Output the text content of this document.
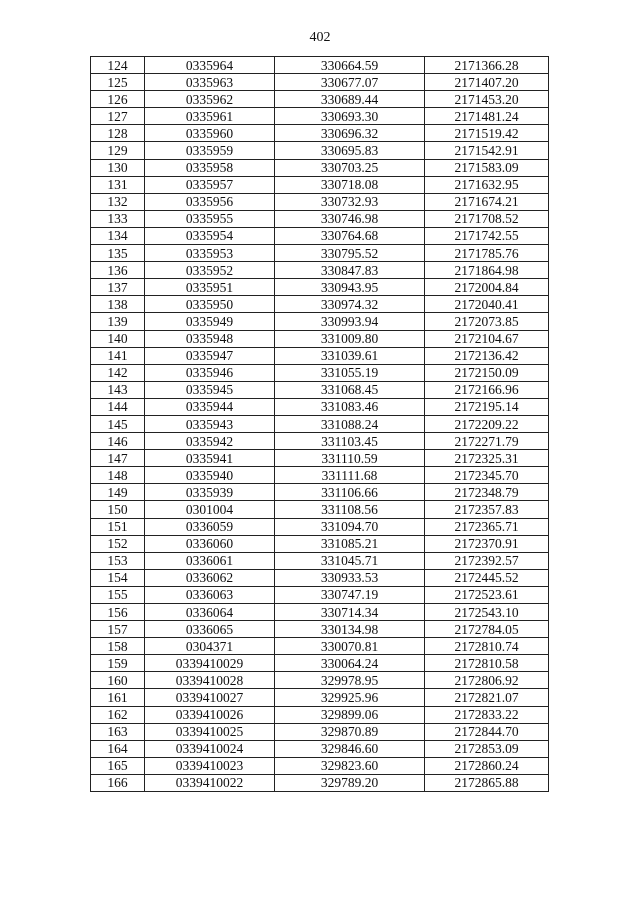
402
124	0335964	330664.59	2171366.28
125	0335963	330677.07	2171407.20
126	0335962	330689.44	2171453.20
127	0335961	330693.30	2171481.24
128	0335960	330696.32	2171519.42
129	0335959	330695.83	2171542.91
130	0335958	330703.25	2171583.09
131	0335957	330718.08	2171632.95
132	0335956	330732.93	2171674.21
133	0335955	330746.98	2171708.52
134	0335954	330764.68	2171742.55
135	0335953	330795.52	2171785.76
136	0335952	330847.83	2171864.98
137	0335951	330943.95	2172004.84
138	0335950	330974.32	2172040.41
139	0335949	330993.94	2172073.85
140	0335948	331009.80	2172104.67
141	0335947	331039.61	2172136.42
142	0335946	331055.19	2172150.09
143	0335945	331068.45	2172166.96
144	0335944	331083.46	2172195.14
145	0335943	331088.24	2172209.22
146	0335942	331103.45	2172271.79
147	0335941	331110.59	2172325.31
148	0335940	331111.68	2172345.70
149	0335939	331106.66	2172348.79
150	0301004	331108.56	2172357.83
151	0336059	331094.70	2172365.71
152	0336060	331085.21	2172370.91
153	0336061	331045.71	2172392.57
154	0336062	330933.53	2172445.52
155	0336063	330747.19	2172523.61
156	0336064	330714.34	2172543.10
157	0336065	330134.98	2172784.05
158	0304371	330070.81	2172810.74
159	0339410029	330064.24	2172810.58
160	0339410028	329978.95	2172806.92
161	0339410027	329925.96	2172821.07
162	0339410026	329899.06	2172833.22
163	0339410025	329870.89	2172844.70
164	0339410024	329846.60	2172853.09
165	0339410023	329823.60	2172860.24
166	0339410022	329789.20	2172865.88
